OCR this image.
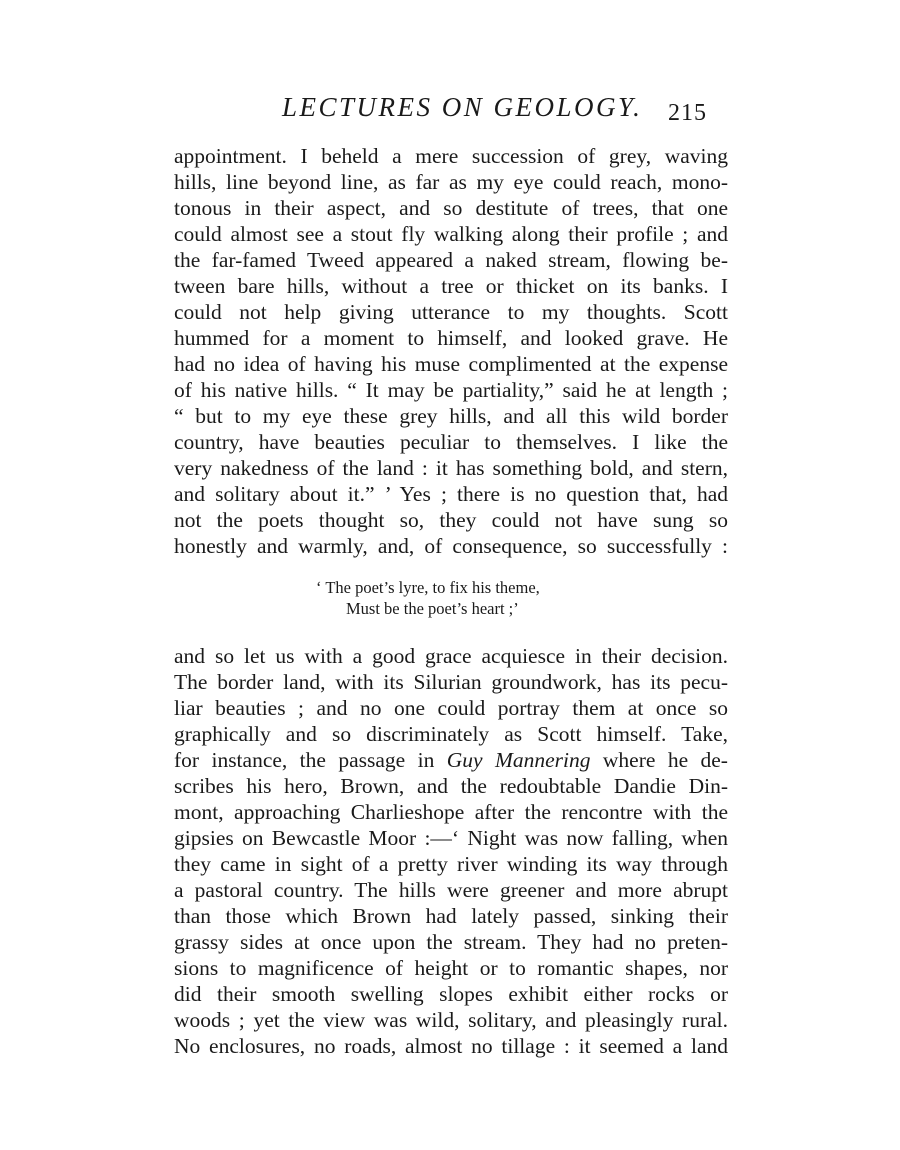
LECTURES ON GEOLOGY. 215
appointment. I beheld a mere succession of grey, waving
hills, line beyond line, as far as my eye could reach, mono-
tonous in their aspect, and so destitute of trees, that one
could almost see a stout fly walking along their profile ; and
the far-famed Tweed appeared a naked stream, flowing be-
tween bare hills, without a tree or thicket on its banks. I
could not help giving utterance to my thoughts. Scott
hummed for a moment to himself, and looked grave. He
had no idea of having his muse complimented at the expense
of his native hills. “ It may be partiality,” said he at length ;
“ but to my eye these grey hills, and all this wild border
country, have beauties peculiar to themselves. I like the
very nakedness of the land : it has something bold, and stern,
and solitary about it.” ’ Yes ; there is no question that, had
not the poets thought so, they could not have sung so
honestly and warmly, and, of consequence, so successfully :
‘ The poet’s lyre, to fix his theme,
Must be the poet’s heart ;’
and so let us with a good grace acquiesce in their decision.
The border land, with its Silurian groundwork, has its pecu-
liar beauties ; and no one could portray them at once so
graphically and so discriminately as Scott himself. Take,
for instance, the passage in Guy Mannering where he de-
scribes his hero, Brown, and the redoubtable Dandie Din-
mont, approaching Charlieshope after the rencontre with the
gipsies on Bewcastle Moor :—‘ Night was now falling, when
they came in sight of a pretty river winding its way through
a pastoral country. The hills were greener and more abrupt
than those which Brown had lately passed, sinking their
grassy sides at once upon the stream. They had no preten-
sions to magnificence of height or to romantic shapes, nor
did their smooth swelling slopes exhibit either rocks or
woods ; yet the view was wild, solitary, and pleasingly rural.
No enclosures, no roads, almost no tillage : it seemed a land
